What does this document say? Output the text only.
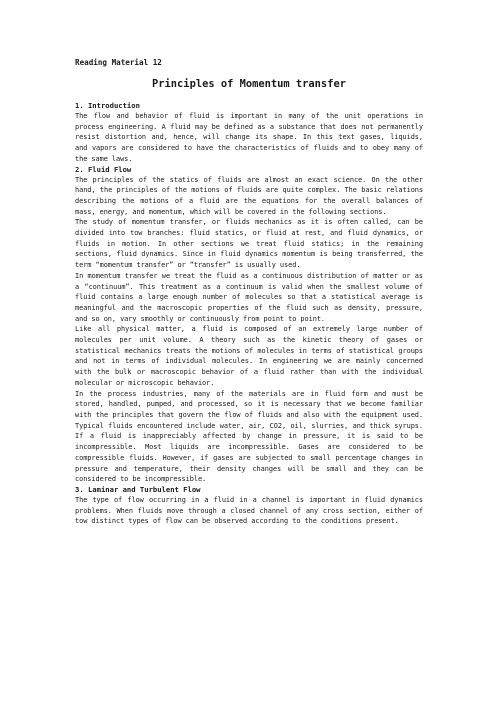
Reading Material 12
Principles of Momentum transfer
1. Introduction

The flow and behavior of fluid is important in many of the unit operations in process engineering. A fluid may be defined as a substance that does not permanently resist distortion and, hence, will change its shape. In this text gases, liquids, and vapors are considered to have the characteristics of fluids and to obey many of the same laws.

2. Fluid Flow

The principles of the statics of fluids are almost an exact science. On the other hand, the principles of the motions of fluids are quite complex. The basic relations describing the motions of a fluid are the equations for the overall balances of mass, energy, and momentum, which will be covered in the following sections.

The study of momentum transfer, or fluids mechanics as it is often called, can be divided into tow branches: fluid statics, or fluid at rest, and fluid dynamics, or fluids in motion. In other sections we treat fluid statics; in the remaining sections, fluid dynamics. Since in fluid dynamics momentum is being transferred, the term “momentum transfer” or “transfer” is usually used.

In momentum transfer we treat the fluid as a continuous distribution of matter or as a “continuum”. This treatment as a continuum is valid when the smallest volume of fluid contains a large enough number of molecules so that a statistical average is meaningful and the macroscopic properties of the fluid such as density, pressure, and so on, vary smoothly or continuously from point to point.

Like all physical matter, a fluid is composed of an extremely large number of molecules per unit volume. A theory such as the kinetic theory of gases or statistical mechanics treats the motions of molecules in terms of statistical groups and not in terms of individual molecules. In engineering we are mainly concerned with the bulk or macroscopic behavior of a fluid rather than with the individual molecular or microscopic behavior.

In the process industries, many of the materials are in fluid form and must be stored, handled, pumped, and processed, so it is necessary that we become familiar with the principles that govern the flow of fluids and also with the equipment used. Typical fluids encountered include water, air, CO2, oil, slurries, and thick syrups. If a fluid is inappreciably affected by change in pressure, it is said to be incompressible. Most liquids are incompressible. Gases are considered to be compressible fluids. However, if gases are subjected to small percentage changes in pressure and temperature, their density changes will be small and they can be considered to be incompressible.

3. Laminar and Turbulent Flow

The type of flow occurring in a fluid in a channel is important in fluid dynamics problems. When fluids move through a closed channel of any cross section, either of tow distinct types of flow can be observed according to the conditions present.
